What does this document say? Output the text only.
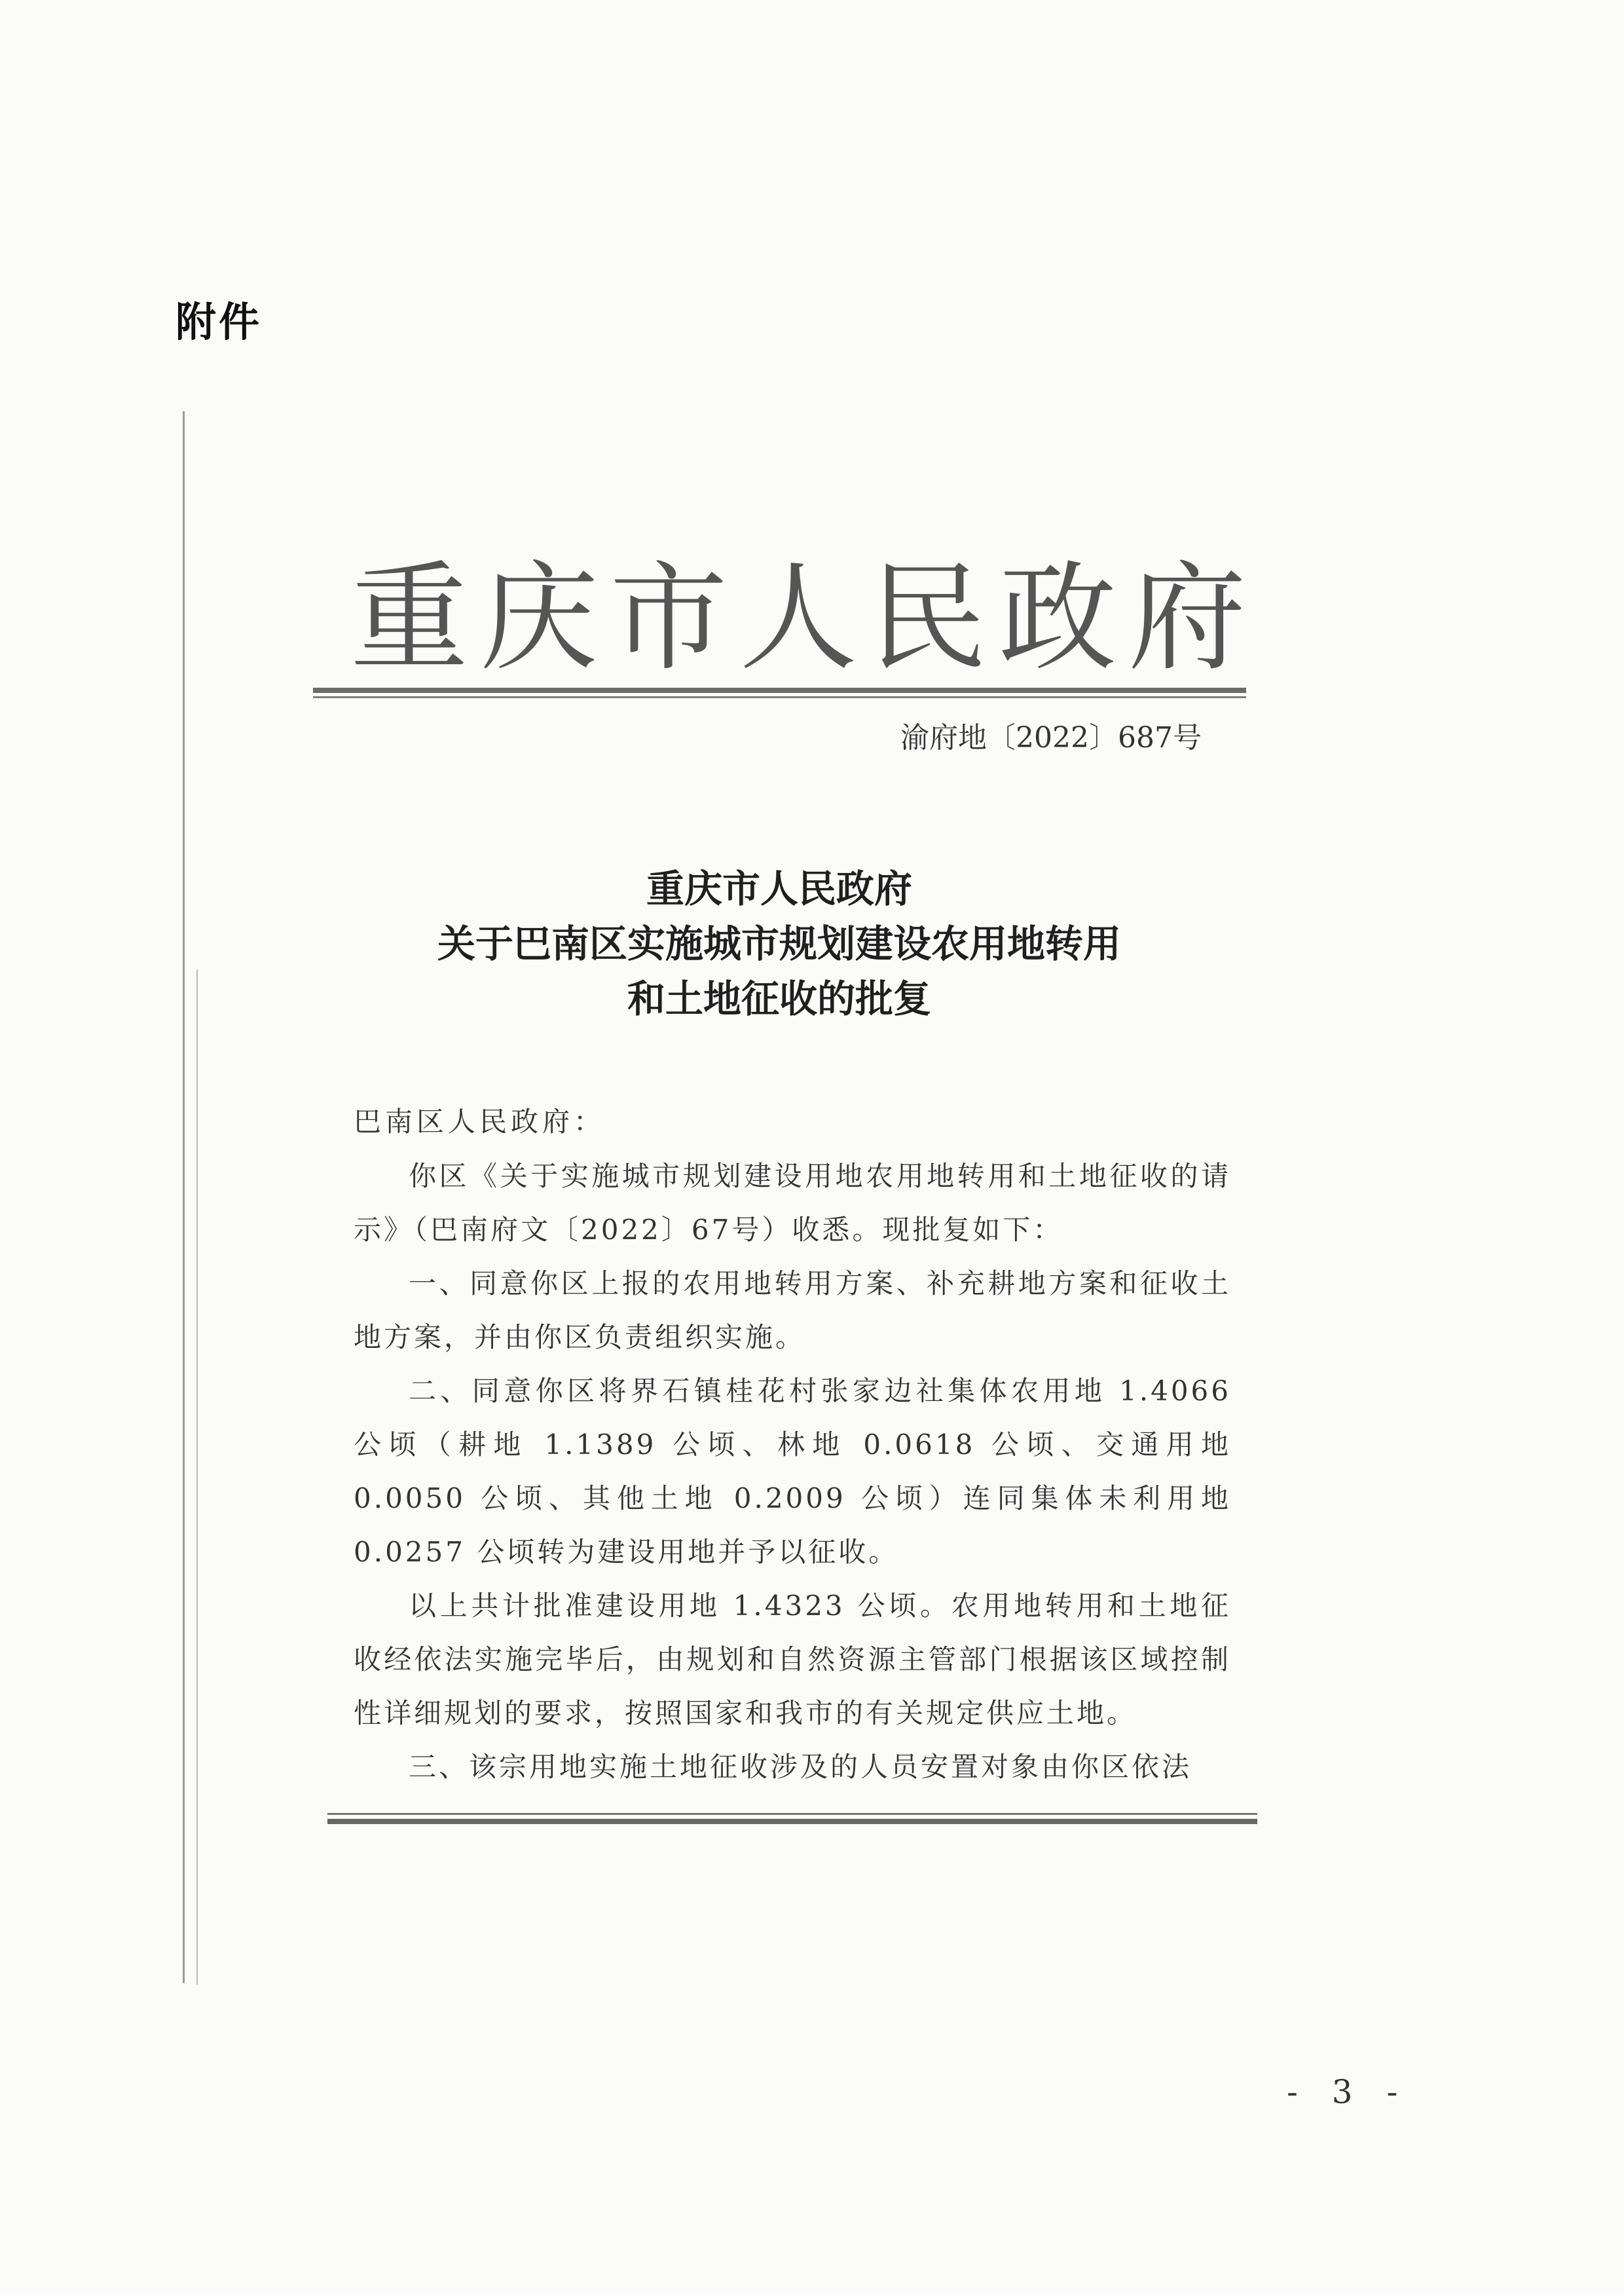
附件
重庆市人民政府
渝府地〔2022〕687号
重庆市人民政府
关于巴南区实施城市规划建设农用地转用
和土地征收的批复
巴南区人民政府：

你区《关于实施城市规划建设用地农用地转用和土地征收的请示》（巴南府文〔2022〕67号）收悉。现批复如下：

一、同意你区上报的农用地转用方案、补充耕地方案和征收土地方案，并由你区负责组织实施。

二、同意你区将界石镇桂花村张家边社集体农用地 1.4066 公顷（耕地 1.1389 公顷、林地 0.0618 公顷、交通用地 0.0050 公顷、其他土地 0.2009 公顷）连同集体未利用地 0.0257 公顷转为建设用地并予以征收。

以上共计批准建设用地 1.4323 公顷。农用地转用和土地征收经依法实施完毕后，由规划和自然资源主管部门根据该区域控制性详细规划的要求，按照国家和我市的有关规定供应土地。

三、该宗用地实施土地征收涉及的人员安置对象由你区依法

- 3 -
